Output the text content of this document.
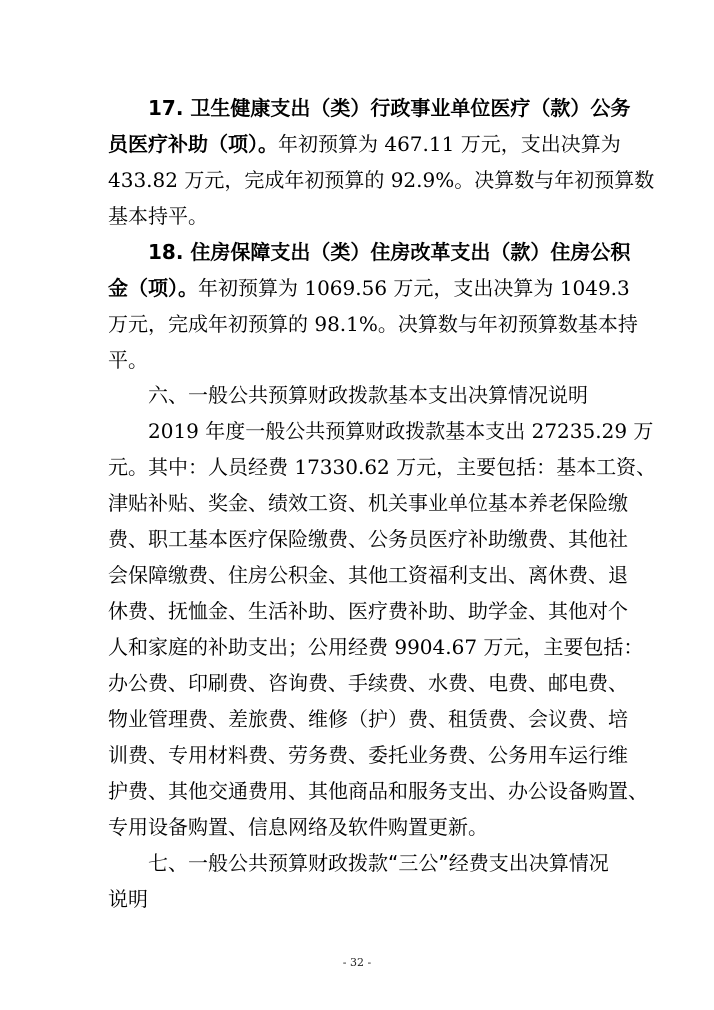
17. 卫生健康支出（类）行政事业单位医疗（款）公务
员医疗补助（项）。年初预算为 467.11 万元，支出决算为
433.82 万元，完成年初预算的 92.9%。决算数与年初预算数
基本持平。
18. 住房保障支出（类）住房改革支出（款）住房公积
金（项）。年初预算为 1069.56 万元，支出决算为 1049.3
万元，完成年初预算的 98.1%。决算数与年初预算数基本持
平。
六、一般公共预算财政拨款基本支出决算情况说明
2019 年度一般公共预算财政拨款基本支出 27235.29 万
元。其中：人员经费 17330.62 万元，主要包括：基本工资、
津贴补贴、奖金、绩效工资、机关事业单位基本养老保险缴
费、职工基本医疗保险缴费、公务员医疗补助缴费、其他社
会保障缴费、住房公积金、其他工资福利支出、离休费、退
休费、抚恤金、生活补助、医疗费补助、助学金、其他对个
人和家庭的补助支出；公用经费 9904.67 万元，主要包括：
办公费、印刷费、咨询费、手续费、水费、电费、邮电费、
物业管理费、差旅费、维修（护）费、租赁费、会议费、培
训费、专用材料费、劳务费、委托业务费、公务用车运行维
护费、其他交通费用、其他商品和服务支出、办公设备购置、
专用设备购置、信息网络及软件购置更新。
七、一般公共预算财政拨款“三公”经费支出决算情况
说明
- 32 -
